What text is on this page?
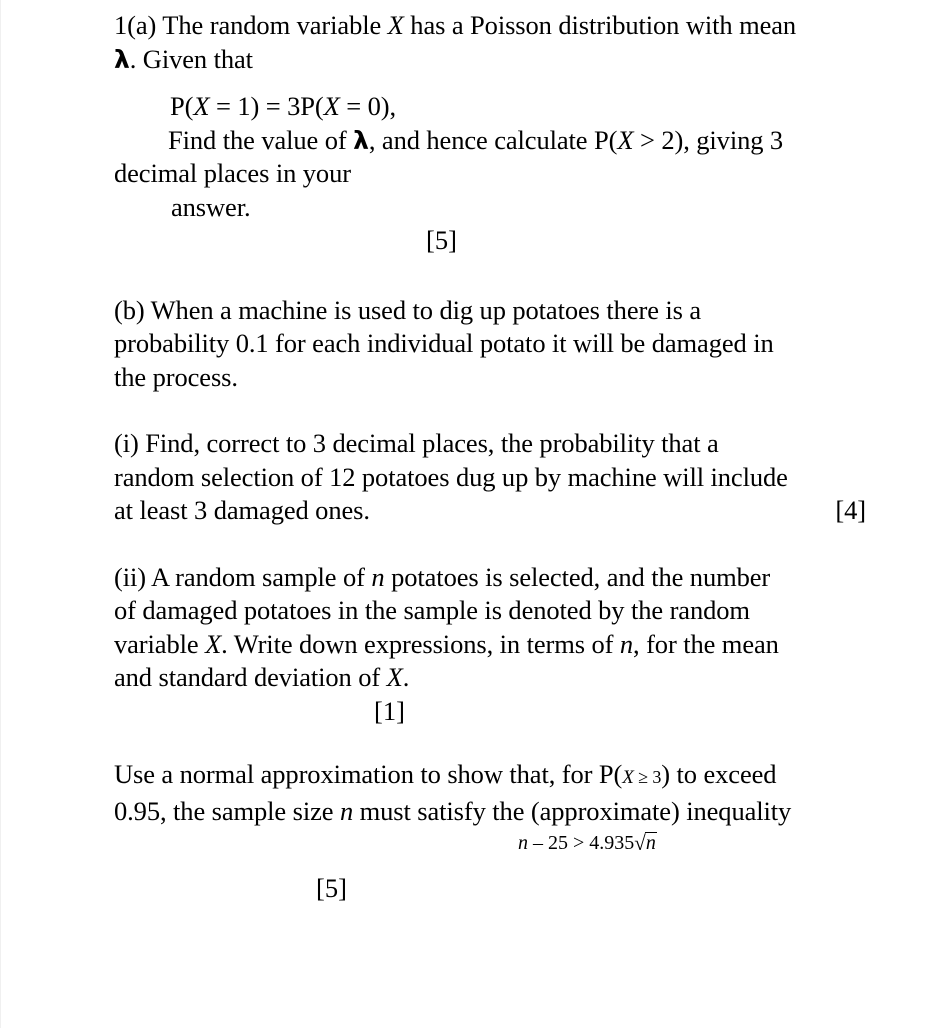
1(a) The random variable X has a Poisson distribution with mean
λ. Given that

P(X = 1) = 3P(X = 0),

Find the value of λ, and hence calculate P(X > 2), giving 3
decimal places in your
answer.

[5]

(b) When a machine is used to dig up potatoes there is a
probability 0.1 for each individual potato it will be damaged in
the process.

(i) Find, correct to 3 decimal places, the probability that a
random selection of 12 potatoes dug up by machine will include
at least 3 damaged ones.	[4]

(ii) A random sample of n potatoes is selected, and the number
of damaged potatoes in the sample is denoted by the random
variable X. Write down expressions, in terms of n, for the mean
and standard deviation of X.

[1]

Use a normal approximation to show that, for P(X ≥ 3) to exceed
0.95, the sample size n must satisfy the (approximate) inequality

n – 25 > 4.935√n

[5]
